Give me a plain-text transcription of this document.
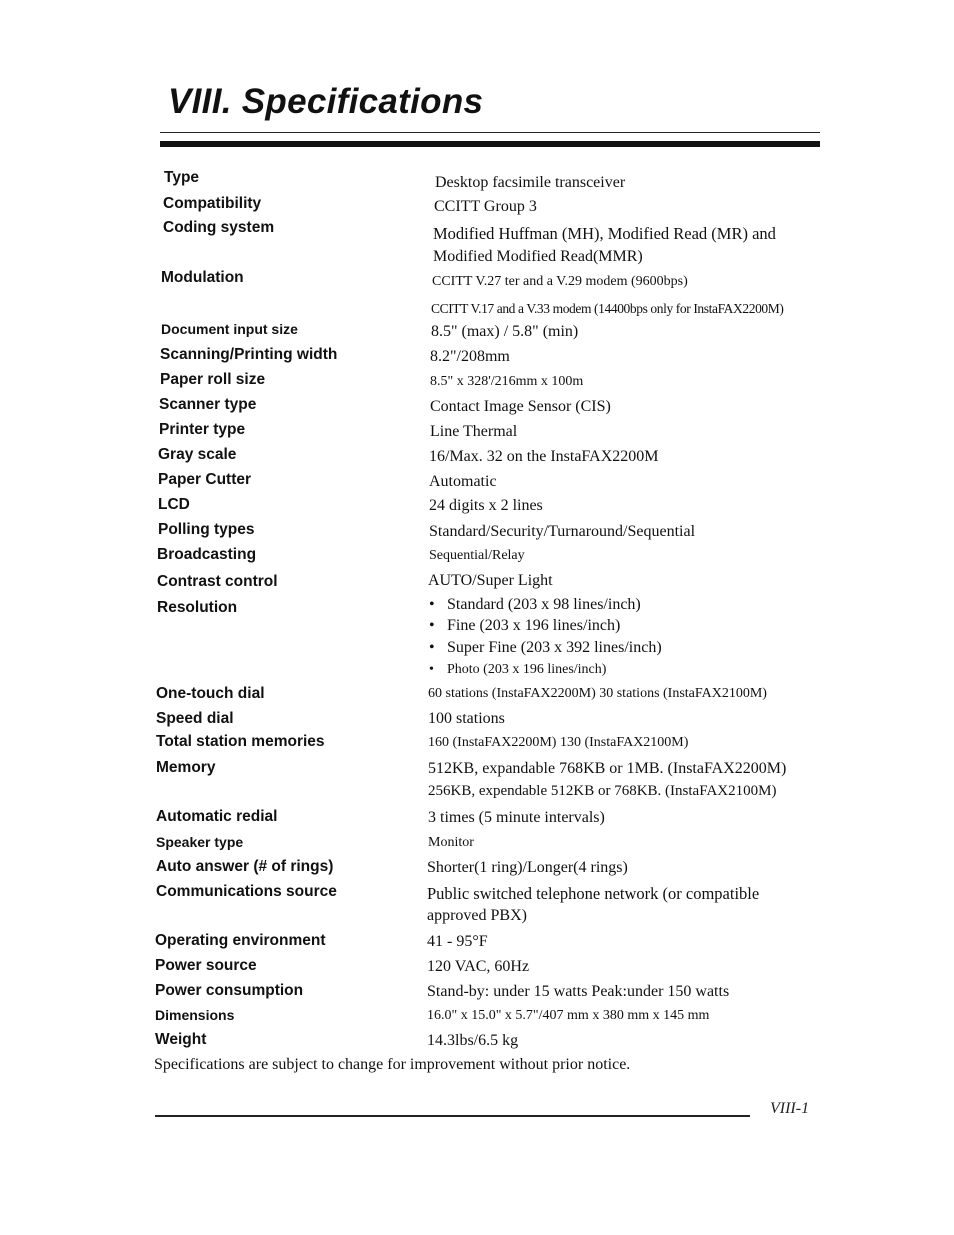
VIII. Specifications
Type
Compatibility
Coding system
Modulation
Document input size
Scanning/Printing width
Paper roll size
Scanner type
Printer type
Gray scale
Paper Cutter
LCD
Polling types
Broadcasting
Contrast control
Resolution
One-touch dial
Speed dial
Total station memories
Memory
Automatic redial
Speaker type
Auto answer (# of rings)
Communications source
Operating environment
Power source
Power consumption
Dimensions
Weight
Desktop facsimile transceiver
CCITT Group 3
Modified Huffman (MH), Modified Read (MR) and
Modified Modified Read(MMR)
CCITT V.27 ter and a V.29 modem (9600bps)
CCITT V.17 and a V.33 modem (14400bps only for InstaFAX2200M)
8.5" (max) / 5.8" (min)
8.2"/208mm
8.5" x 328'/216mm x 100m
Contact Image Sensor (CIS)
Line Thermal
16/Max. 32 on the InstaFAX2200M
Automatic
24 digits x 2 lines
Standard/Security/Turnaround/Sequential
Sequential/Relay
AUTO/Super Light
• Standard (203 x 98 lines/inch)
• Fine (203 x 196 lines/inch)
• Super Fine (203 x 392 lines/inch)
• Photo (203 x 196 lines/inch)
60 stations (InstaFAX2200M) 30 stations (InstaFAX2100M)
100 stations
160 (InstaFAX2200M) 130 (InstaFAX2100M)
512KB, expandable 768KB or 1MB. (InstaFAX2200M)
256KB, expendable 512KB or 768KB. (InstaFAX2100M)
3 times (5 minute intervals)
Monitor
Shorter(1 ring)/Longer(4 rings)
Public switched telephone network (or compatible
approved PBX)
41 - 95°F
120 VAC, 60Hz
Stand-by: under 15 watts Peak:under 150 watts
16.0" x 15.0" x 5.7"/407 mm x 380 mm x 145 mm
14.3lbs/6.5 kg
Specifications are subject to change for improvement without prior notice.
VIII-1
